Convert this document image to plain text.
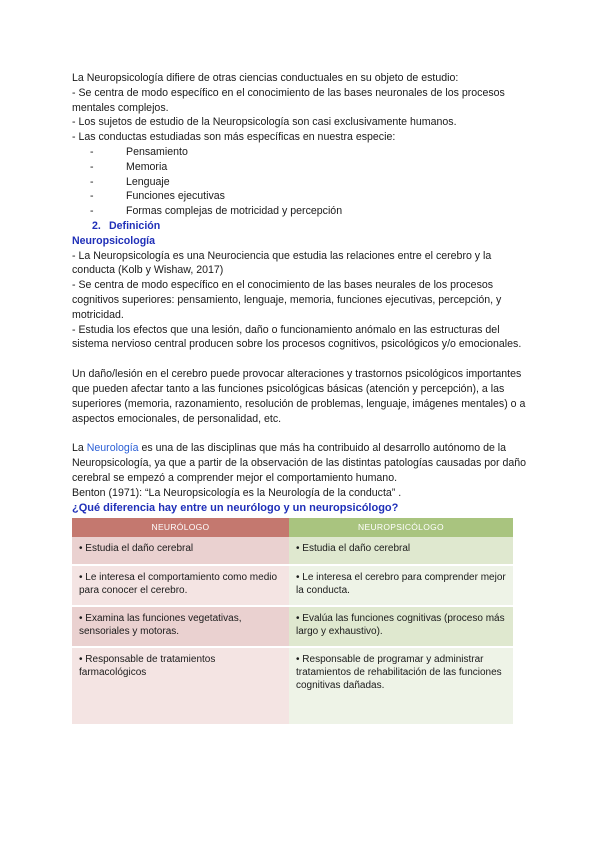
La Neuropsicología difiere de otras ciencias conductuales en su objeto de estudio:

- Se centra de modo específico en el conocimiento de las bases neuronales de los procesos mentales complejos.

- Los sujetos de estudio de la Neuropsicología son casi exclusivamente humanos.

- Las conductas estudiadas son más específicas en nuestra especie:

-	Pensamiento
-	Memoria
-	Lenguaje
-	Funciones ejecutivas
-	Formas complejas de motricidad y percepción

2. Definición

Neuropsicología

- La Neuropsicología es una Neurociencia que estudia las relaciones entre el cerebro y la conducta (Kolb y Wishaw, 2017)

- Se centra de modo específico en el conocimiento de las bases neurales de los procesos cognitivos superiores: pensamiento, lenguaje, memoria, funciones ejecutivas, percepción, y motricidad.

- Estudia los efectos que una lesión, daño o funcionamiento anómalo en las estructuras del sistema nervioso central producen sobre los procesos cognitivos, psicológicos y/o emocionales.

Un daño/lesión en el cerebro puede provocar alteraciones y trastornos psicológicos importantes que pueden afectar tanto a las funciones psicológicas básicas (atención y percepción), a las superiores (memoria, razonamiento, resolución de problemas, lenguaje, imágenes mentales) o a aspectos emocionales, de personalidad, etc.

La Neurología es una de las disciplinas que más ha contribuido al desarrollo autónomo de la Neuropsicología, ya que a partir de la observación de las distintas patologías causadas por daño cerebral se empezó a comprender mejor el comportamiento humano.

Benton (1971): “La Neuropsicología es la Neurología de la conducta” .

¿Qué diferencia hay entre un neurólogo y un neuropsicólogo?

NEURÓLOGO	NEUROPSICÓLOGO
• Estudia el daño cerebral	• Estudia el daño cerebral
• Le interesa el comportamiento como medio para conocer el cerebro.	• Le interesa el cerebro para comprender mejor la conducta.
• Examina las funciones vegetativas, sensoriales y motoras.	• Evalúa las funciones cognitivas (proceso más largo y exhaustivo).
• Responsable de tratamientos farmacológicos	• Responsable de programar y administrar tratamientos de rehabilitación de las funciones cognitivas dañadas.
